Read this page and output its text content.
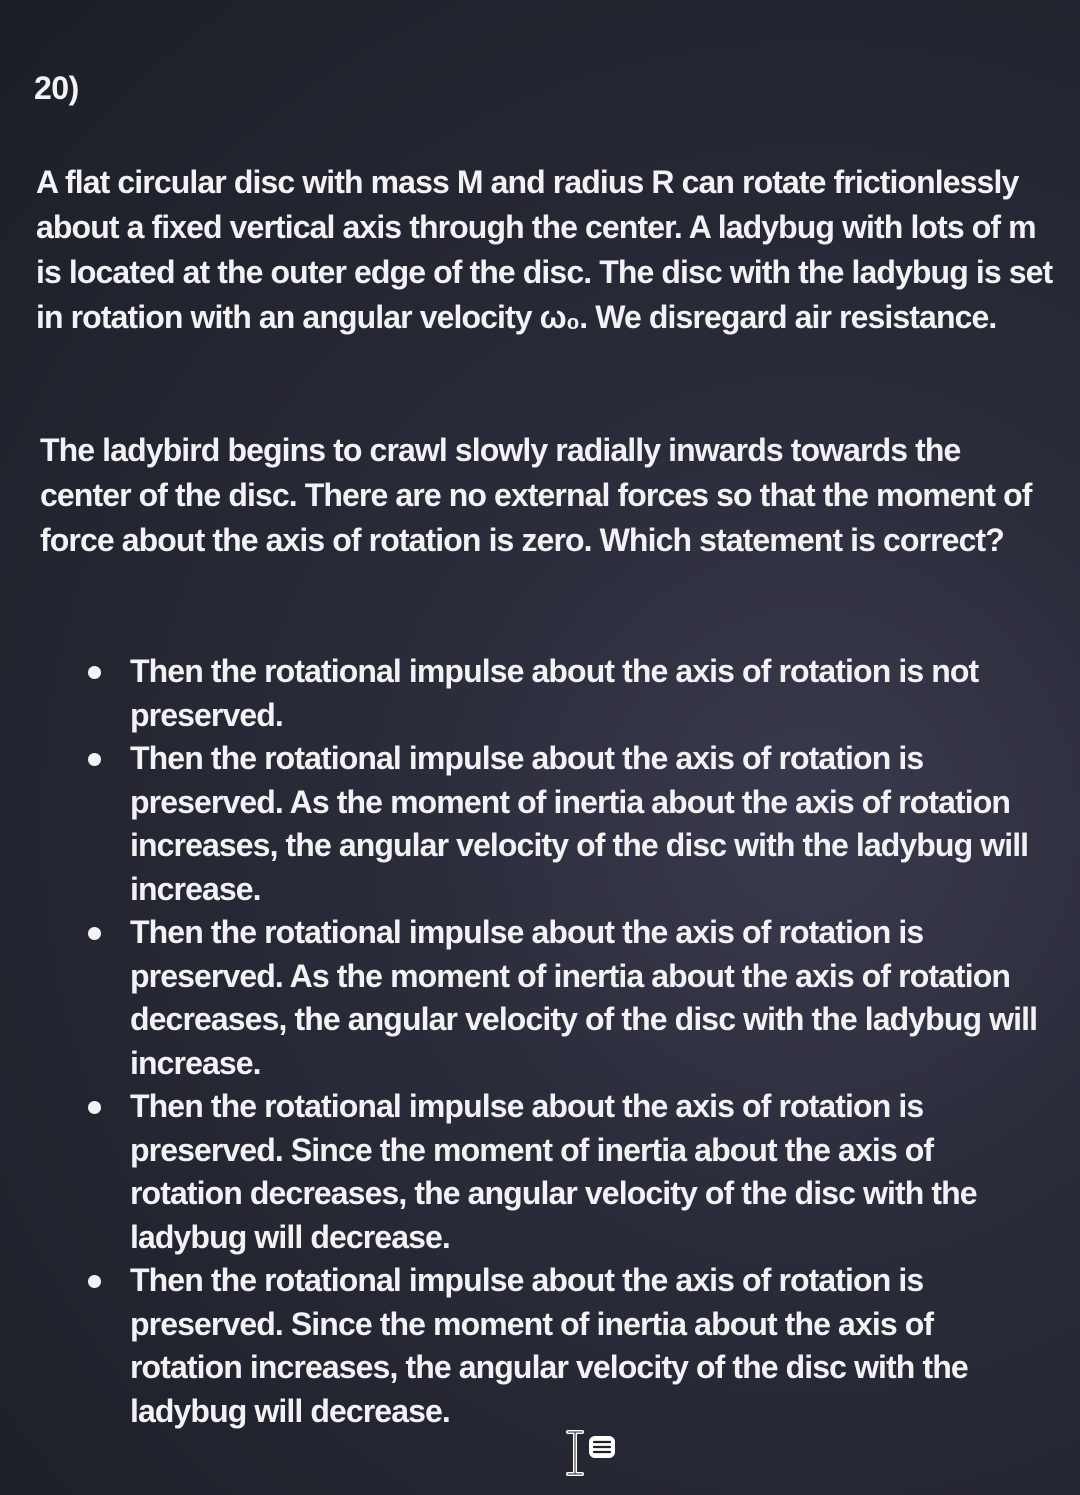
20)

A flat circular disc with mass M and radius R can rotate frictionlessly about a fixed vertical axis through the center. A ladybug with lots of m is located at the outer edge of the disc. The disc with the ladybug is set in rotation with an angular velocity ω₀. We disregard air resistance.

The ladybird begins to crawl slowly radially inwards towards the center of the disc. There are no external forces so that the moment of force about the axis of rotation is zero. Which statement is correct?

Then the rotational impulse about the axis of rotation is not preserved.
Then the rotational impulse about the axis of rotation is preserved. As the moment of inertia about the axis of rotation increases, the angular velocity of the disc with the ladybug will increase.
Then the rotational impulse about the axis of rotation is preserved. As the moment of inertia about the axis of rotation decreases, the angular velocity of the disc with the ladybug will increase.
Then the rotational impulse about the axis of rotation is preserved. Since the moment of inertia about the axis of rotation decreases, the angular velocity of the disc with the ladybug will decrease.
Then the rotational impulse about the axis of rotation is preserved. Since the moment of inertia about the axis of rotation increases, the angular velocity of the disc with the ladybug will decrease.
